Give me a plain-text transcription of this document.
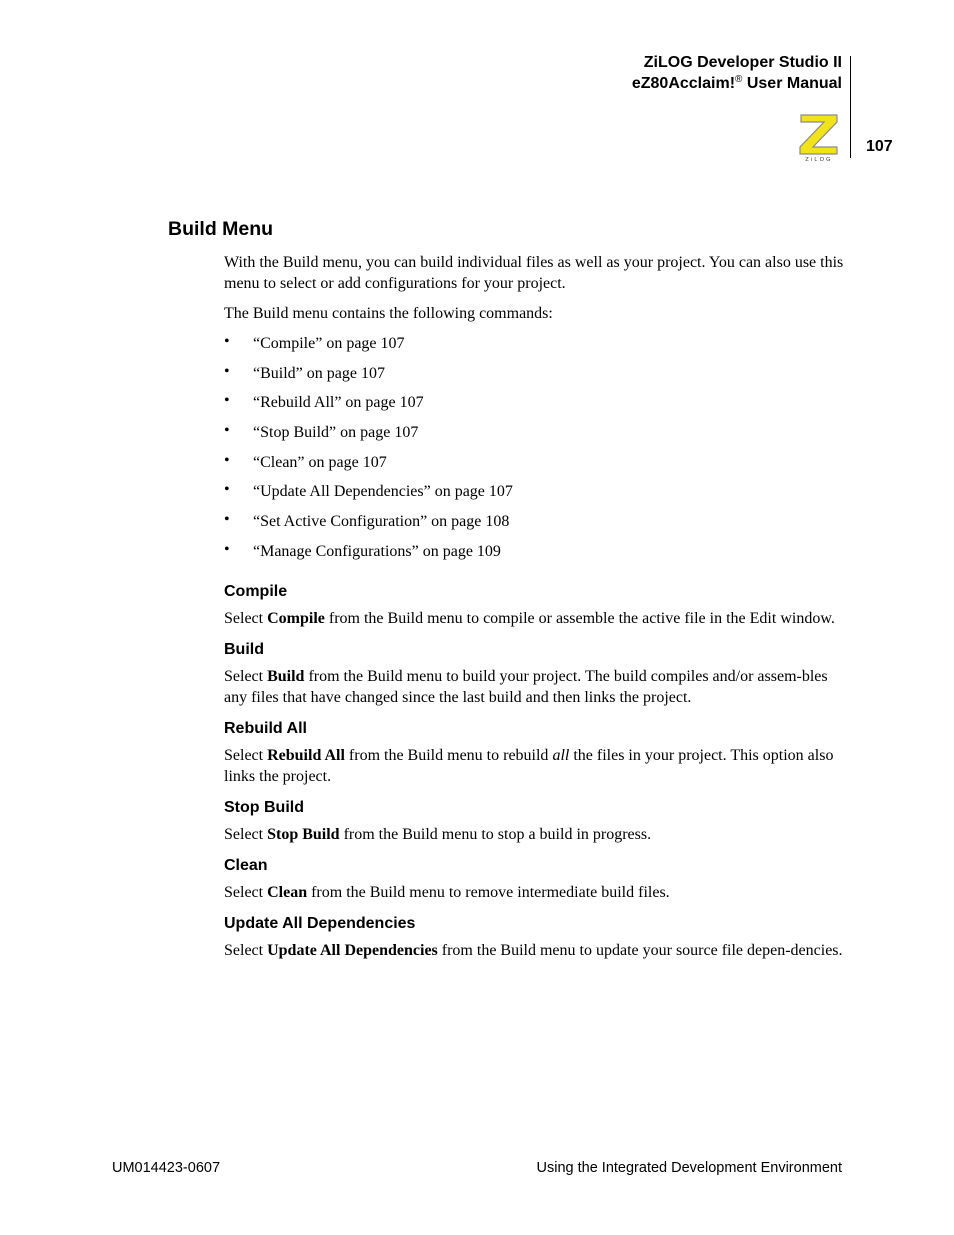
ZiLOG Developer Studio II
eZ80Acclaim!® User Manual
ZiLOG
107
Build Menu

With the Build menu, you can build individual files as well as your project. You can also use this menu to select or add configurations for your project.

The Build menu contains the following commands:

• “Compile” on page 107
• “Build” on page 107
• “Rebuild All” on page 107
• “Stop Build” on page 107
• “Clean” on page 107
• “Update All Dependencies” on page 107
• “Set Active Configuration” on page 108
• “Manage Configurations” on page 109
Compile

Select Compile from the Build menu to compile or assemble the active file in the Edit window.

Build

Select Build from the Build menu to build your project. The build compiles and/or assem-bles any files that have changed since the last build and then links the project.

Rebuild All

Select Rebuild All from the Build menu to rebuild all the files in your project. This option also links the project.

Stop Build

Select Stop Build from the Build menu to stop a build in progress.

Clean

Select Clean from the Build menu to remove intermediate build files.

Update All Dependencies

Select Update All Dependencies from the Build menu to update your source file depen-dencies.

UM014423-0607	Using the Integrated Development Environment
